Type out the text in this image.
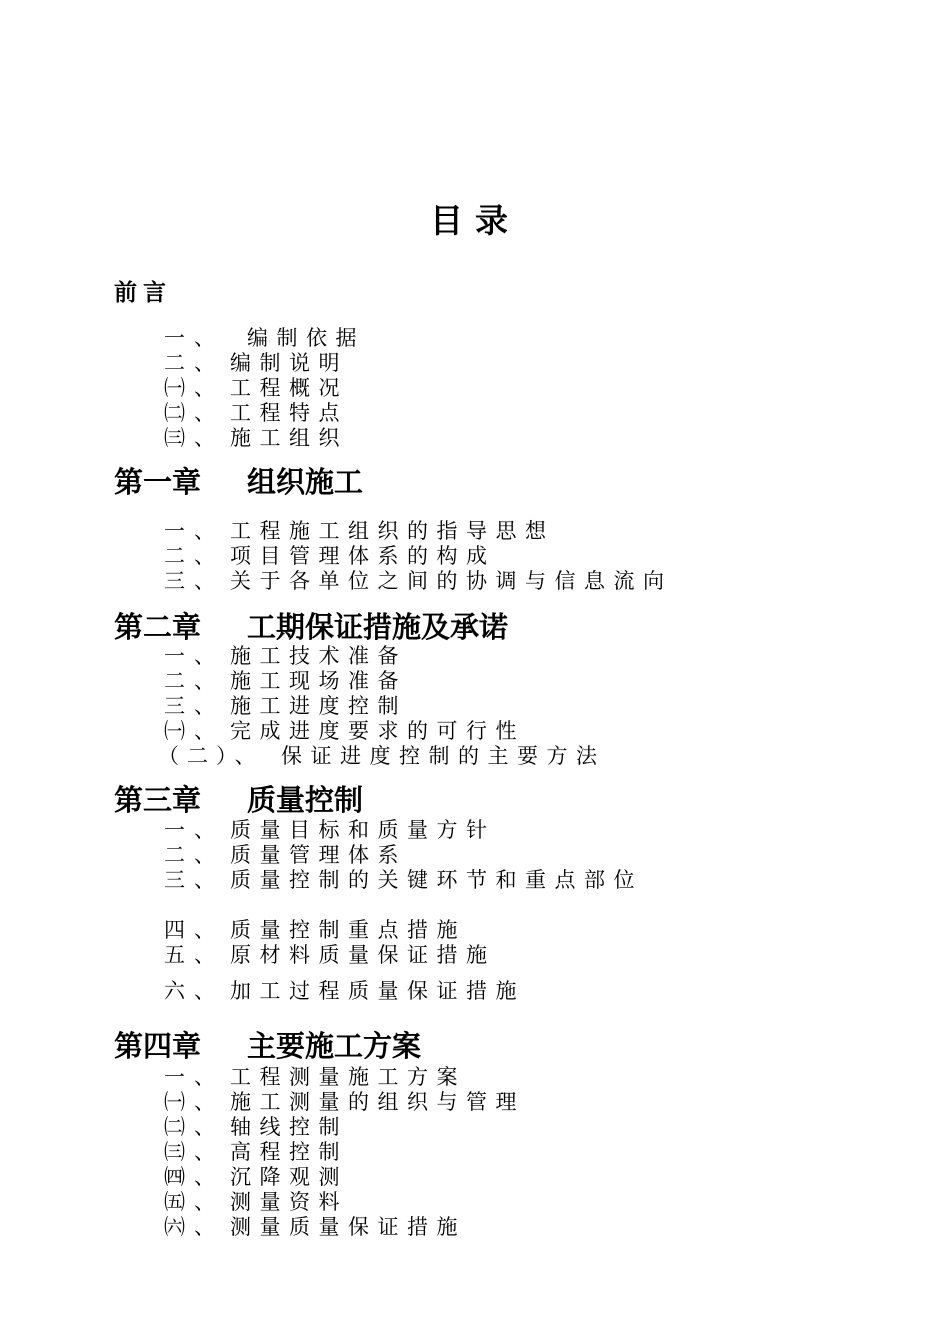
目录
前言
一、 编制依据
二、 编制说明
㈠、 工程概况
㈡、 工程特点
㈢、 施工组织
第一章 组织施工
一、 工程施工组织的指导思想
二、 项目管理体系的构成
三、 关于各单位之间的协调与信息流向
第二章 工期保证措施及承诺
一、 施工技术准备
二、 施工现场准备
三、 施工进度控制
㈠、 完成进度要求的可行性
（二）、 保证进度控制的主要方法
第三章 质量控制
一、 质量目标和质量方针
二、 质量管理体系
三、 质量控制的关键环节和重点部位
四、 质量控制重点措施
五、 原材料质量保证措施
六、 加工过程质量保证措施
第四章 主要施工方案
一、 工程测量施工方案
㈠、 施工测量的组织与管理
㈡、 轴线控制
㈢、 高程控制
㈣、 沉降观测
㈤、 测量资料
㈥、 测量质量保证措施
